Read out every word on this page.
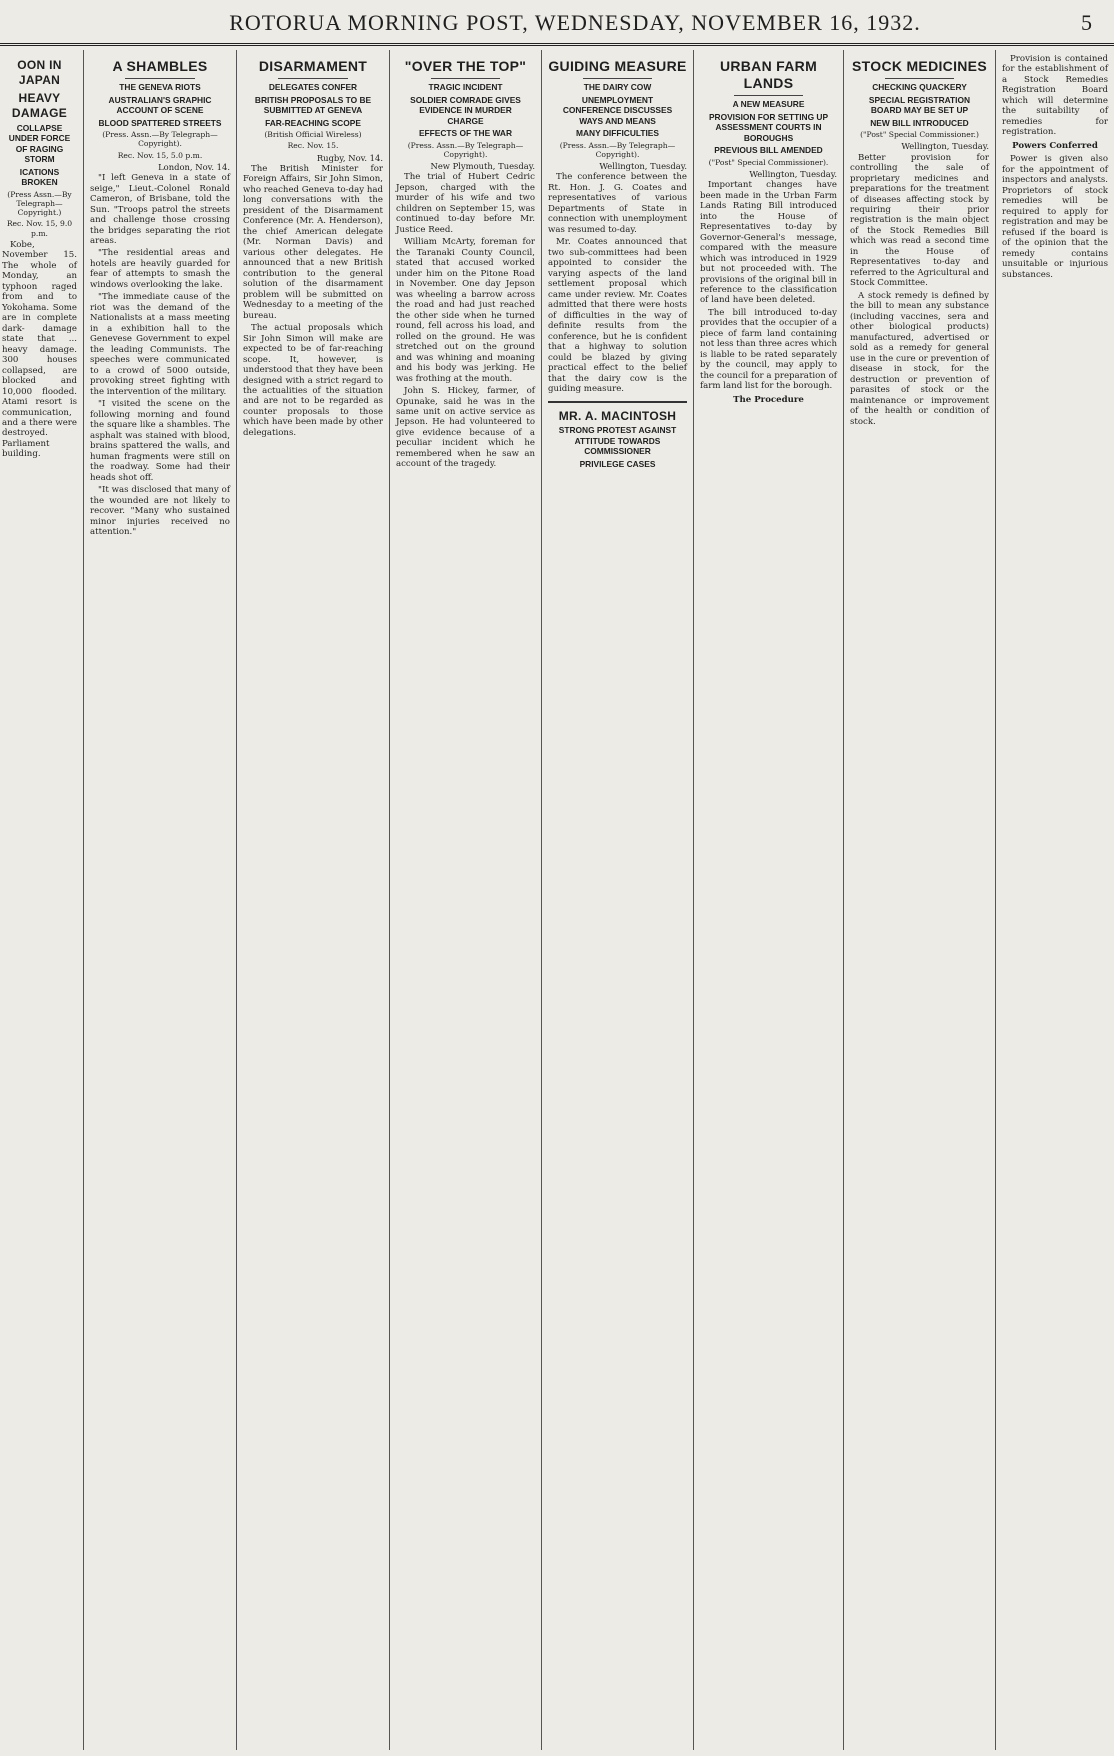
ROTORUA MORNING POST, WEDNESDAY, NOVEMBER 16, 1932.	5
OON IN JAPAN
HEAVY DAMAGE
COLLAPSE UNDER FORCE OF RAGING STORM
ICATIONS BROKEN
(Press Assn.—By Telegraph—Copyright.)
Rec. Nov. 15, 9.0 p.m.
Kobe, November 15. The whole of Monday, an typhoon raged from and to Yokohama. Some are in complete dark- damage state that ... heavy damage. 300 houses collapsed, are blocked and 10,000 flooded. Atami resort is communication, and a there were destroyed. Parliament building.
A SHAMBLES
THE GENEVA RIOTS
AUSTRALIAN'S GRAPHIC ACCOUNT OF SCENE
BLOOD SPATTERED STREETS
(Press. Assn.—By Telegraph—Copyright).
Rec. Nov. 15, 5.0 p.m.
London, Nov. 14.
"I left Geneva in a state of seige," Lieut.-Colonel Ronald Cameron, of Brisbane, told the Sun. "Troops patrol the streets and challenge those crossing the bridges separating the riot areas.
"The residential areas and hotels are heavily guarded for fear of attempts to smash the windows overlooking the lake.
"The immediate cause of the riot was the demand of the Nationalists at a mass meeting in a exhibition hall to the Genevese Government to expel the leading Communists. The speeches were communicated to a crowd of 5000 outside, provoking street fighting with the intervention of the military.
"I visited the scene on the following morning and found the square like a shambles. The asphalt was stained with blood, brains spattered the walls, and human fragments were still on the roadway. Some had their heads shot off.
"It was disclosed that many of the wounded are not likely to recover. "Many who sustained minor injuries received no attention."
DISARMAMENT
DELEGATES CONFER
BRITISH PROPOSALS TO BE SUBMITTED AT GENEVA
FAR-REACHING SCOPE
(British Official Wireless)
Rec. Nov. 15.
Rugby, Nov. 14.
The British Minister for Foreign Affairs, Sir John Simon, who reached Geneva to-day had long conversations with the president of the Disarmament Conference (Mr. A. Henderson), the chief American delegate (Mr. Norman Davis) and various other delegates. He announced that a new British contribution to the general solution of the disarmament problem will be submitted on Wednesday to a meeting of the bureau.
The actual proposals which Sir John Simon will make are expected to be of far-reaching scope. It, however, is understood that they have been designed with a strict regard to the actualities of the situation and are not to be regarded as counter proposals to those which have been made by other delegations.
"OVER THE TOP"
TRAGIC INCIDENT
SOLDIER COMRADE GIVES EVIDENCE IN MURDER CHARGE
EFFECTS OF THE WAR
(Press. Assn.—By Telegraph—Copyright).
New Plymouth, Tuesday.
The trial of Hubert Cedric Jepson, charged with the murder of his wife and two children on September 15, was continued to-day before Mr. Justice Reed.
William McArty, foreman for the Taranaki County Council, stated that accused worked under him on the Pitone Road in November. One day Jepson was wheeling a barrow across the road and had just reached the other side when he turned round, fell across his load, and rolled on the ground. He was stretched out on the ground and was whining and moaning and his body was jerking. He was frothing at the mouth.
John S. Hickey, farmer, of Opunake, said he was in the same unit on active service as Jepson. He had volunteered to give evidence because of a peculiar incident which he remembered when he saw an account of the tragedy.
GUIDING MEASURE
THE DAIRY COW
UNEMPLOYMENT CONFERENCE DISCUSSES WAYS AND MEANS
MANY DIFFICULTIES
(Press. Assn.—By Telegraph—Copyright).
Wellington, Tuesday.
The conference between the Rt. Hon. J. G. Coates and representatives of various Departments of State in connection with unemployment was resumed to-day.
Mr. Coates announced that two sub-committees had been appointed to consider the varying aspects of the land settlement proposal which came under review. Mr. Coates admitted that there were hosts of difficulties in the way of definite results from the conference, but he is confident that a highway to solution could be blazed by giving practical effect to the belief that the dairy cow is the guiding measure.
MR. A. MACINTOSH
STRONG PROTEST AGAINST ATTITUDE TOWARDS COMMISSIONER
PRIVILEGE CASES
URBAN FARM LANDS
A NEW MEASURE
PROVISION FOR SETTING UP ASSESSMENT COURTS IN BOROUGHS
PREVIOUS BILL AMENDED
("Post" Special Commissioner).
Wellington, Tuesday.
Important changes have been made in the Urban Farm Lands Rating Bill introduced into the House of Representatives to-day by Governor-General's message, compared with the measure which was introduced in 1929 but not proceeded with. The provisions of the original bill in reference to the classification of land have been deleted.
The bill introduced to-day provides that the occupier of a piece of farm land containing not less than three acres which is liable to be rated separately by the council, may apply to the council for a preparation of farm land list for the borough.
The Procedure
STOCK MEDICINES
CHECKING QUACKERY
SPECIAL REGISTRATION BOARD MAY BE SET UP
NEW BILL INTRODUCED
("Post" Special Commissioner.)
Wellington, Tuesday.
Better provision for controlling the sale of proprietary medicines and preparations for the treatment of diseases affecting stock by requiring their prior registration is the main object of the Stock Remedies Bill which was read a second time in the House of Representatives to-day and referred to the Agricultural and Stock Committee.
A stock remedy is defined by the bill to mean any substance (including vaccines, sera and other biological products) manufactured, advertised or sold as a remedy for general use in the cure or prevention of disease in stock, for the destruction or prevention of parasites of stock or the maintenance or improvement of the health or condition of stock.
Provision is contained for the establishment of a Stock Remedies Registration Board which will determine the suitability of remedies for registration.
Powers Conferred
Power is given also for the appointment of inspectors and analysts. Proprietors of stock remedies will be required to apply for registration and may be refused if the board is of the opinion that the remedy contains unsuitable or injurious substances.
